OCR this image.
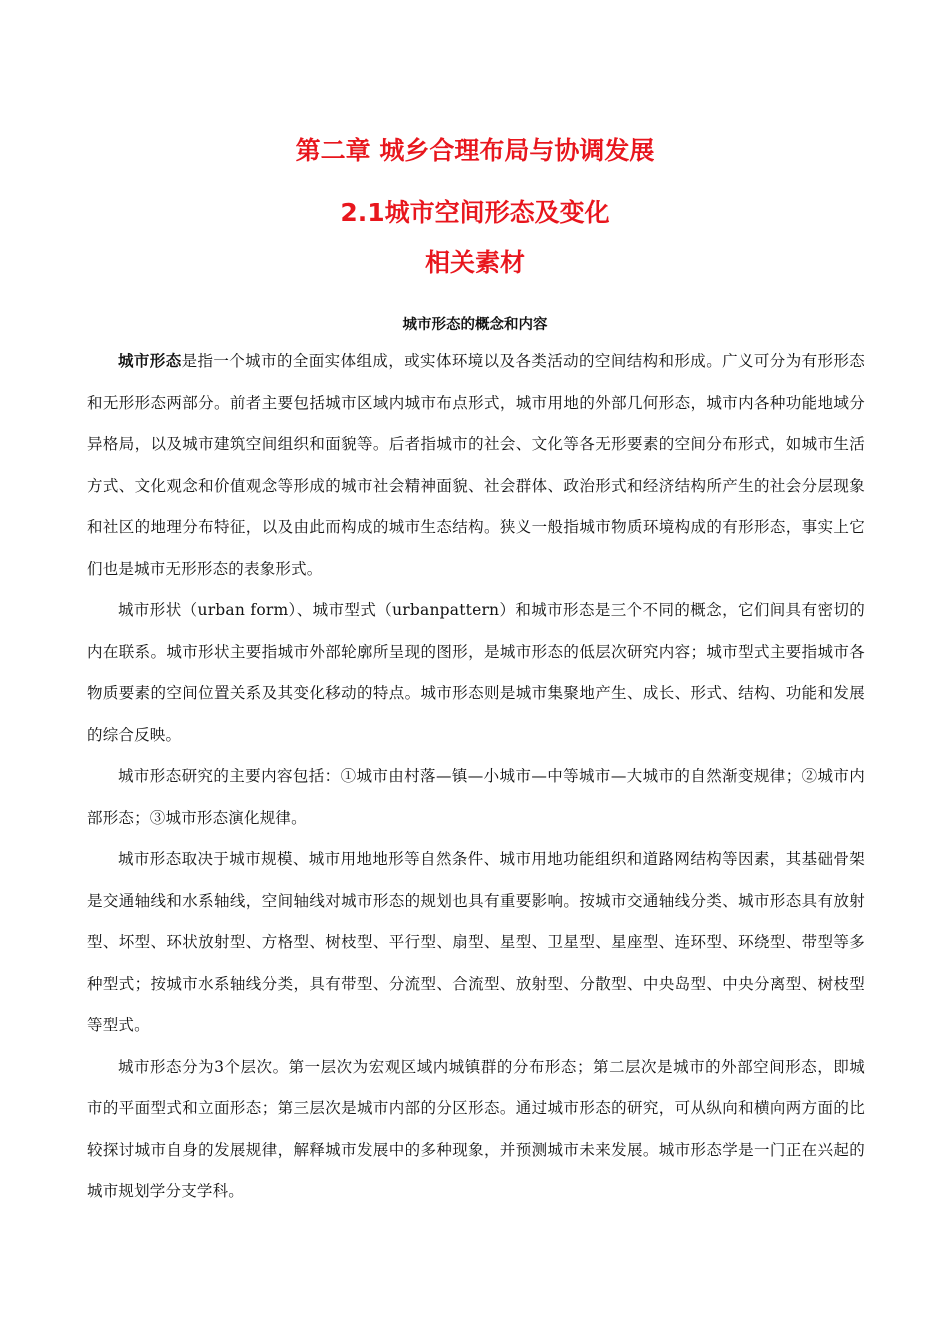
第二章 城乡合理布局与协调发展
2.1城市空间形态及变化
相关素材
城市形态的概念和内容

城市形态是指一个城市的全面实体组成，或实体环境以及各类活动的空间结构和形成。广义可分为有形形态和无形形态两部分。前者主要包括城市区域内城市布点形式，城市用地的外部几何形态，城市内各种功能地域分异格局，以及城市建筑空间组织和面貌等。后者指城市的社会、文化等各无形要素的空间分布形式，如城市生活方式、文化观念和价值观念等形成的城市社会精神面貌、社会群体、政治形式和经济结构所产生的社会分层现象和社区的地理分布特征，以及由此而构成的城市生态结构。狭义一般指城市物质环境构成的有形形态，事实上它们也是城市无形形态的表象形式。

城市形状（urban form）、城市型式（urbanpattern）和城市形态是三个不同的概念，它们间具有密切的内在联系。城市形状主要指城市外部轮廓所呈现的图形，是城市形态的低层次研究内容；城市型式主要指城市各物质要素的空间位置关系及其变化移动的特点。城市形态则是城市集聚地产生、成长、形式、结构、功能和发展的综合反映。

城市形态研究的主要内容包括：①城市由村落—镇—小城市—中等城市—大城市的自然渐变规律；②城市内部形态；③城市形态演化规律。

城市形态取决于城市规模、城市用地地形等自然条件、城市用地功能组织和道路网结构等因素，其基础骨架是交通轴线和水系轴线，空间轴线对城市形态的规划也具有重要影响。按城市交通轴线分类、城市形态具有放射型、坏型、环状放射型、方格型、树枝型、平行型、扇型、星型、卫星型、星座型、连环型、环绕型、带型等多种型式；按城市水系轴线分类，具有带型、分流型、合流型、放射型、分散型、中央岛型、中央分离型、树枝型等型式。

城市形态分为3个层次。第一层次为宏观区域内城镇群的分布形态；第二层次是城市的外部空间形态，即城市的平面型式和立面形态；第三层次是城市内部的分区形态。通过城市形态的研究，可从纵向和横向两方面的比较探讨城市自身的发展规律，解释城市发展中的多种现象，并预测城市未来发展。城市形态学是一门正在兴起的城市规划学分支学科。
